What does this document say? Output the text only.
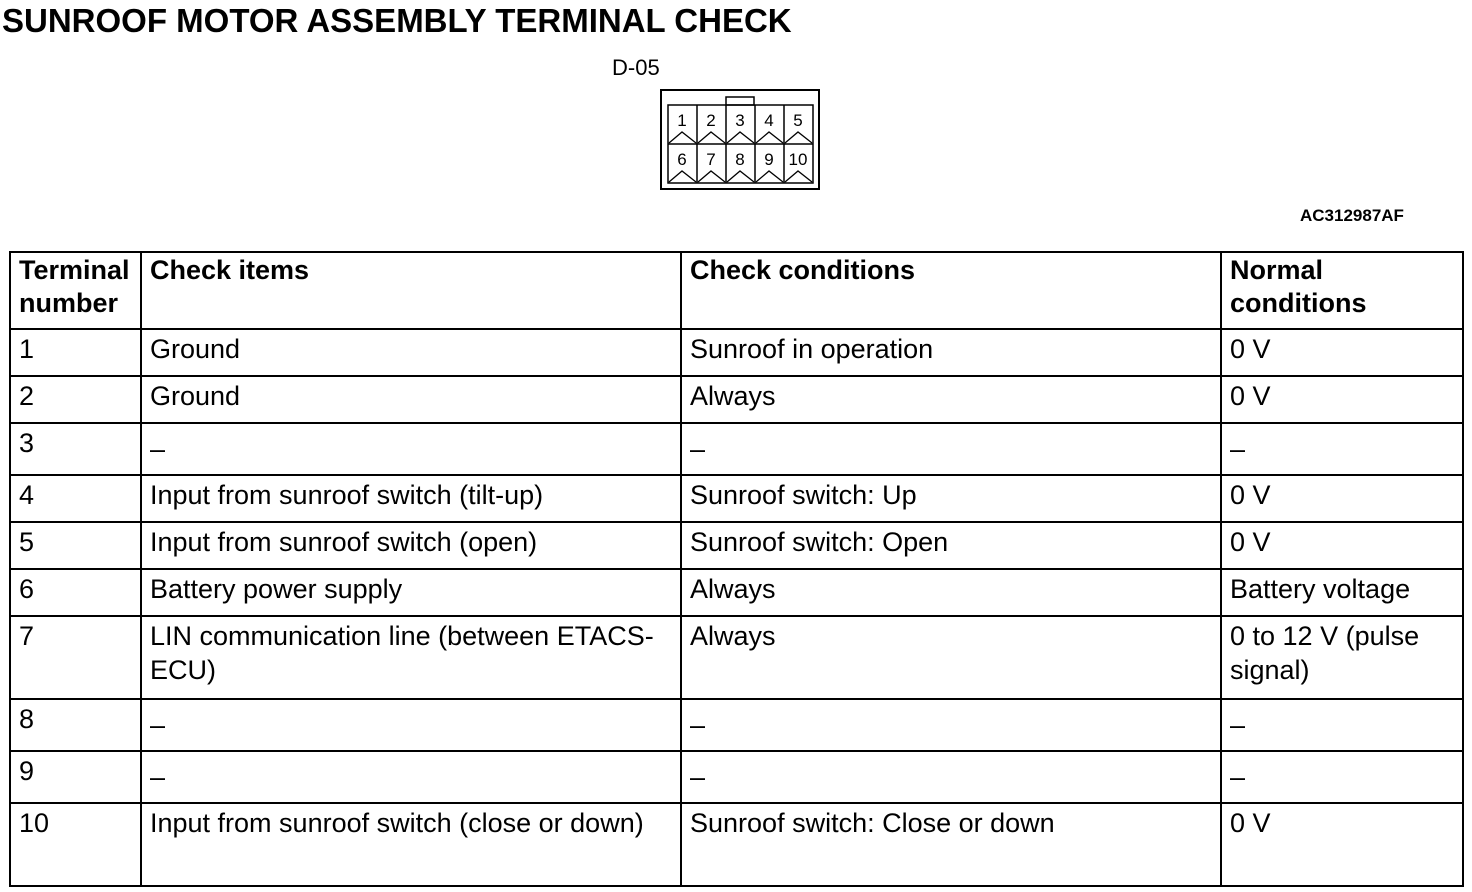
SUNROOF MOTOR ASSEMBLY TERMINAL CHECK
D-05
1 2 3 4 5
6 7 8 9 10
AC312987AF
Terminal number	Check items	Check conditions	Normal conditions
1	Ground	Sunroof in operation	0 V
2	Ground	Always	0 V
3	–	–	–
4	Input from sunroof switch (tilt-up)	Sunroof switch: Up	0 V
5	Input from sunroof switch (open)	Sunroof switch: Open	0 V
6	Battery power supply	Always	Battery voltage
7	LIN communication line (between ETACS-ECU)	Always	0 to 12 V (pulse signal)
8	–	–	–
9	–	–	–
10	Input from sunroof switch (close or down)	Sunroof switch: Close or down	0 V
